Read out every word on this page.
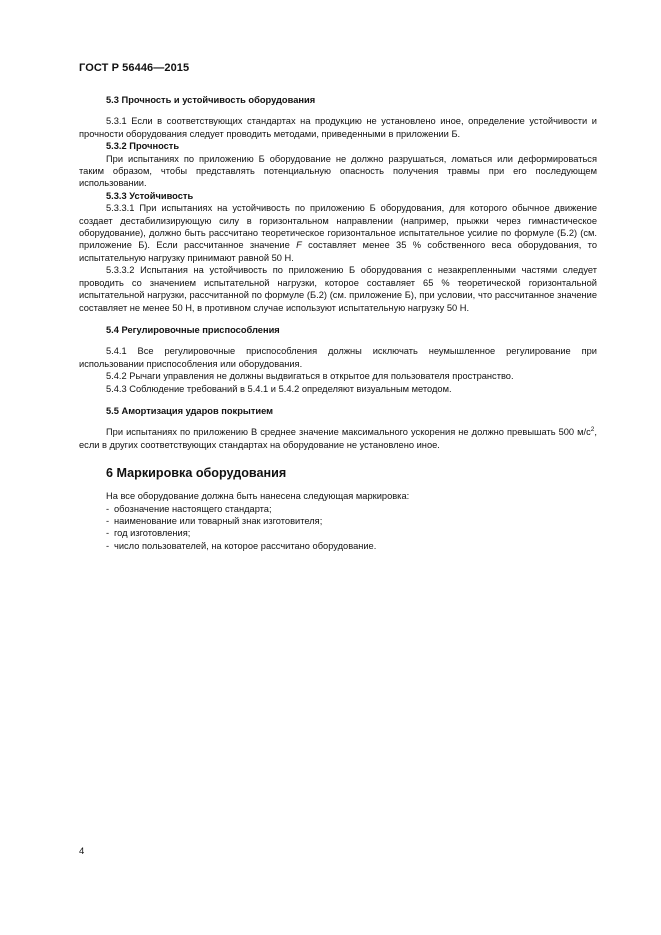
ГОСТ Р 56446—2015

5.3 Прочность и устойчивость оборудования

5.3.1 Если в соответствующих стандартах на продукцию не установлено иное, определение устойчивости и прочности оборудования следует проводить методами, приведенными в приложении Б.

5.3.2 Прочность

При испытаниях по приложению Б оборудование не должно разрушаться, ломаться или деформироваться таким образом, чтобы представлять потенциальную опасность получения травмы при его последующем использовании.

5.3.3 Устойчивость

5.3.3.1 При испытаниях на устойчивость по приложению Б оборудования, для которого обычное движение создает дестабилизирующую силу в горизонтальном направлении (например, прыжки через гимнастическое оборудование), должно быть рассчитано теоретическое горизонтальное испытательное усилие по формуле (Б.2) (см. приложение Б). Если рассчитанное значение F составляет менее 35 % собственного веса оборудования, то испытательную нагрузку принимают равной 50 Н.

5.3.3.2 Испытания на устойчивость по приложению Б оборудования с незакрепленными частями следует проводить со значением испытательной нагрузки, которое составляет 65 % теоретической горизонтальной испытательной нагрузки, рассчитанной по формуле (Б.2) (см. приложение Б), при условии, что рассчитанное значение составляет не менее 50 Н, в противном случае используют испытательную нагрузку 50 Н.

5.4 Регулировочные приспособления

5.4.1 Все регулировочные приспособления должны исключать неумышленное регулирование при использовании приспособления или оборудования.

5.4.2 Рычаги управления не должны выдвигаться в открытое для пользователя пространство.

5.4.3 Соблюдение требований в 5.4.1 и 5.4.2 определяют визуальным методом.

5.5 Амортизация ударов покрытием

При испытаниях по приложению В среднее значение максимального ускорения не должно превышать 500 $м/с^2$, если в других соответствующих стандартах на оборудование не установлено иное.

6 Маркировка оборудования

На все оборудование должна быть нанесена следующая маркировка:

- обозначение настоящего стандарта;
- наименование или товарный знак изготовителя;
- год изготовления;
- число пользователей, на которое рассчитано оборудование.
4
